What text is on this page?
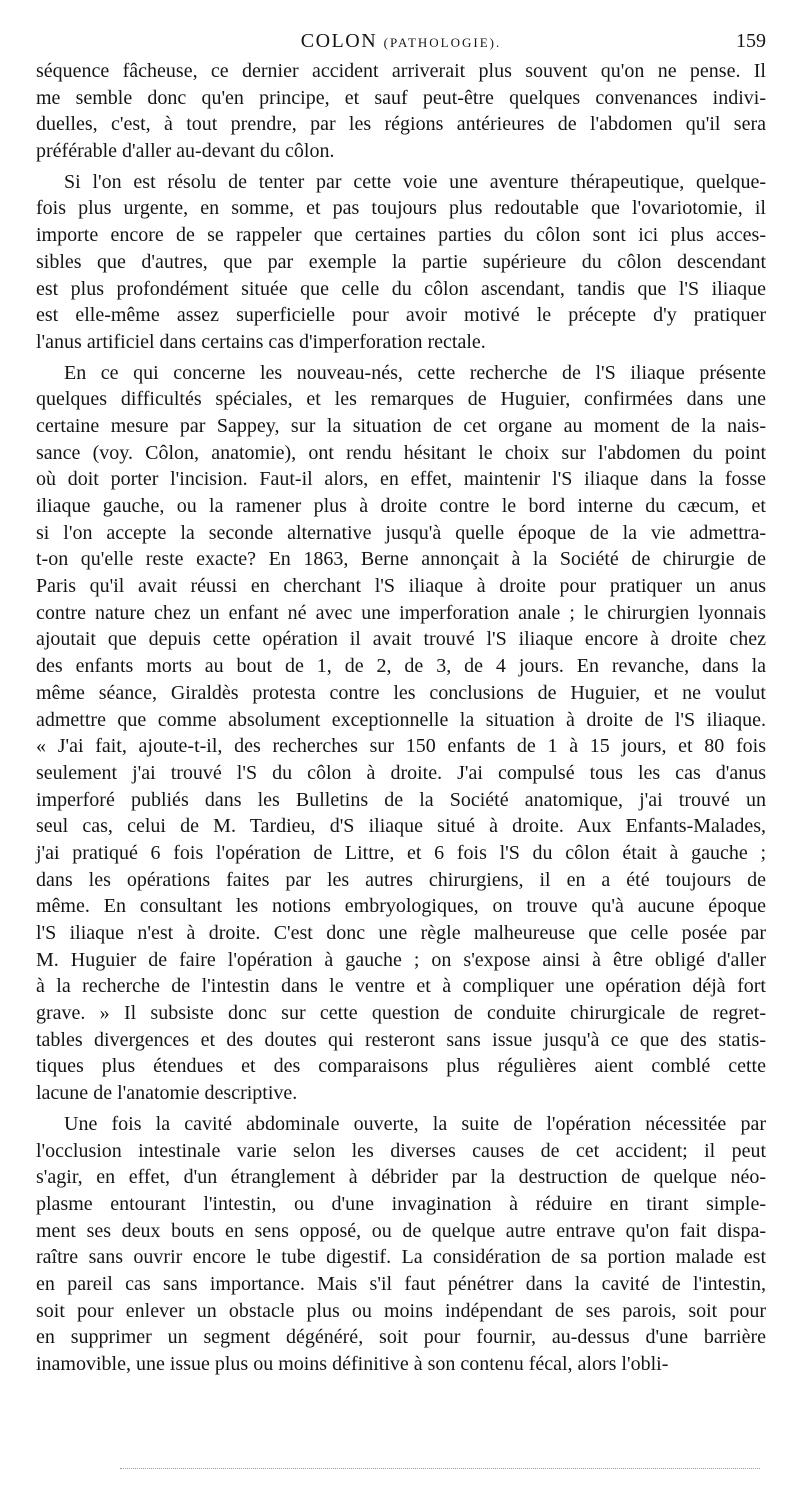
COLON (PATHOLOGIE).	159
séquence fâcheuse, ce dernier accident arriverait plus souvent qu'on ne pense. Il
me semble donc qu'en principe, et sauf peut-être quelques convenances indivi-
duelles, c'est, à tout prendre, par les régions antérieures de l'abdomen qu'il sera
préférable d'aller au-devant du côlon.
Si l'on est résolu de tenter par cette voie une aventure thérapeutique, quelque-
fois plus urgente, en somme, et pas toujours plus redoutable que l'ovariotomie, il
importe encore de se rappeler que certaines parties du côlon sont ici plus acces-
sibles que d'autres, que par exemple la partie supérieure du côlon descendant
est plus profondément située que celle du côlon ascendant, tandis que l'S iliaque
est elle-même assez superficielle pour avoir motivé le précepte d'y pratiquer
l'anus artificiel dans certains cas d'imperforation rectale.
En ce qui concerne les nouveau-nés, cette recherche de l'S iliaque présente
quelques difficultés spéciales, et les remarques de Huguier, confirmées dans une
certaine mesure par Sappey, sur la situation de cet organe au moment de la nais-
sance (voy. Côlon, anatomie), ont rendu hésitant le choix sur l'abdomen du point
où doit porter l'incision. Faut-il alors, en effet, maintenir l'S iliaque dans la fosse
iliaque gauche, ou la ramener plus à droite contre le bord interne du cæcum, et
si l'on accepte la seconde alternative jusqu'à quelle époque de la vie admettra-
t-on qu'elle reste exacte? En 1863, Berne annonçait à la Société de chirurgie de
Paris qu'il avait réussi en cherchant l'S iliaque à droite pour pratiquer un anus
contre nature chez un enfant né avec une imperforation anale ; le chirurgien lyonnais
ajoutait que depuis cette opération il avait trouvé l'S iliaque encore à droite chez
des enfants morts au bout de 1, de 2, de 3, de 4 jours. En revanche, dans la
même séance, Giraldès protesta contre les conclusions de Huguier, et ne voulut
admettre que comme absolument exceptionnelle la situation à droite de l'S iliaque.
« J'ai fait, ajoute-t-il, des recherches sur 150 enfants de 1 à 15 jours, et 80 fois
seulement j'ai trouvé l'S du côlon à droite. J'ai compulsé tous les cas d'anus
imperforé publiés dans les Bulletins de la Société anatomique, j'ai trouvé un
seul cas, celui de M. Tardieu, d'S iliaque situé à droite. Aux Enfants-Malades,
j'ai pratiqué 6 fois l'opération de Littre, et 6 fois l'S du côlon était à gauche ;
dans les opérations faites par les autres chirurgiens, il en a été toujours de
même. En consultant les notions embryologiques, on trouve qu'à aucune époque
l'S iliaque n'est à droite. C'est donc une règle malheureuse que celle posée par
M. Huguier de faire l'opération à gauche ; on s'expose ainsi à être obligé d'aller
à la recherche de l'intestin dans le ventre et à compliquer une opération déjà fort
grave. » Il subsiste donc sur cette question de conduite chirurgicale de regret-
tables divergences et des doutes qui resteront sans issue jusqu'à ce que des statis-
tiques plus étendues et des comparaisons plus régulières aient comblé cette
lacune de l'anatomie descriptive.
Une fois la cavité abdominale ouverte, la suite de l'opération nécessitée par
l'occlusion intestinale varie selon les diverses causes de cet accident; il peut
s'agir, en effet, d'un étranglement à débrider par la destruction de quelque néo-
plasme entourant l'intestin, ou d'une invagination à réduire en tirant simple-
ment ses deux bouts en sens opposé, ou de quelque autre entrave qu'on fait dispa-
raître sans ouvrir encore le tube digestif. La considération de sa portion malade est
en pareil cas sans importance. Mais s'il faut pénétrer dans la cavité de l'intestin,
soit pour enlever un obstacle plus ou moins indépendant de ses parois, soit pour
en supprimer un segment dégénéré, soit pour fournir, au-dessus d'une barrière
inamovible, une issue plus ou moins définitive à son contenu fécal, alors l'obli-
